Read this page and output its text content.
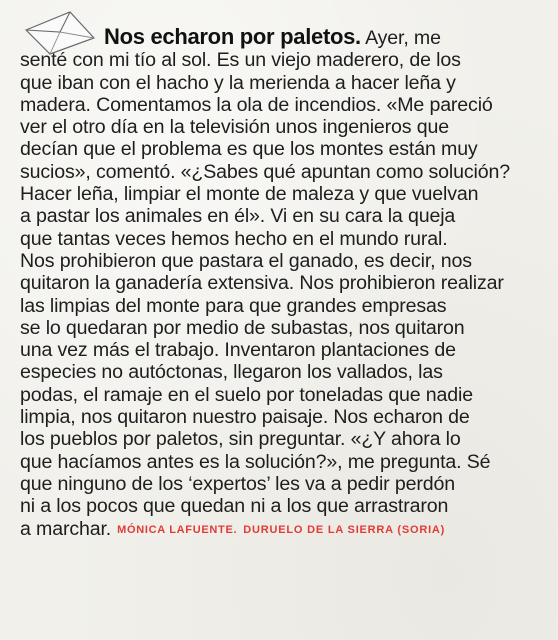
Nos echaron por paletos. Ayer, me
senté con mi tío al sol. Es un viejo maderero, de los
que iban con el hacho y la merienda a hacer leña y
madera. Comentamos la ola de incendios. «Me pareció
ver el otro día en la televisión unos ingenieros que
decían que el problema es que los montes están muy
sucios», comentó. «¿Sabes qué apuntan como solución?
Hacer leña, limpiar el monte de maleza y que vuelvan
a pastar los animales en él». Vi en su cara la queja
que tantas veces hemos hecho en el mundo rural.
Nos prohibieron que pastara el ganado, es decir, nos
quitaron la ganadería extensiva. Nos prohibieron realizar
las limpias del monte para que grandes empresas
se lo quedaran por medio de subastas, nos quitaron
una vez más el trabajo. Inventaron plantaciones de
especies no autóctonas, llegaron los vallados, las
podas, el ramaje en el suelo por toneladas que nadie
limpia, nos quitaron nuestro paisaje. Nos echaron de
los pueblos por paletos, sin preguntar. «¿Y ahora lo
que hacíamos antes es la solución?», me pregunta. Sé
que ninguno de los ‘expertos’ les va a pedir perdón
ni a los pocos que quedan ni a los que arrastraron
a marchar. MÓNICA LAFUENTE. DURUELO DE LA SIERRA (SORIA)
